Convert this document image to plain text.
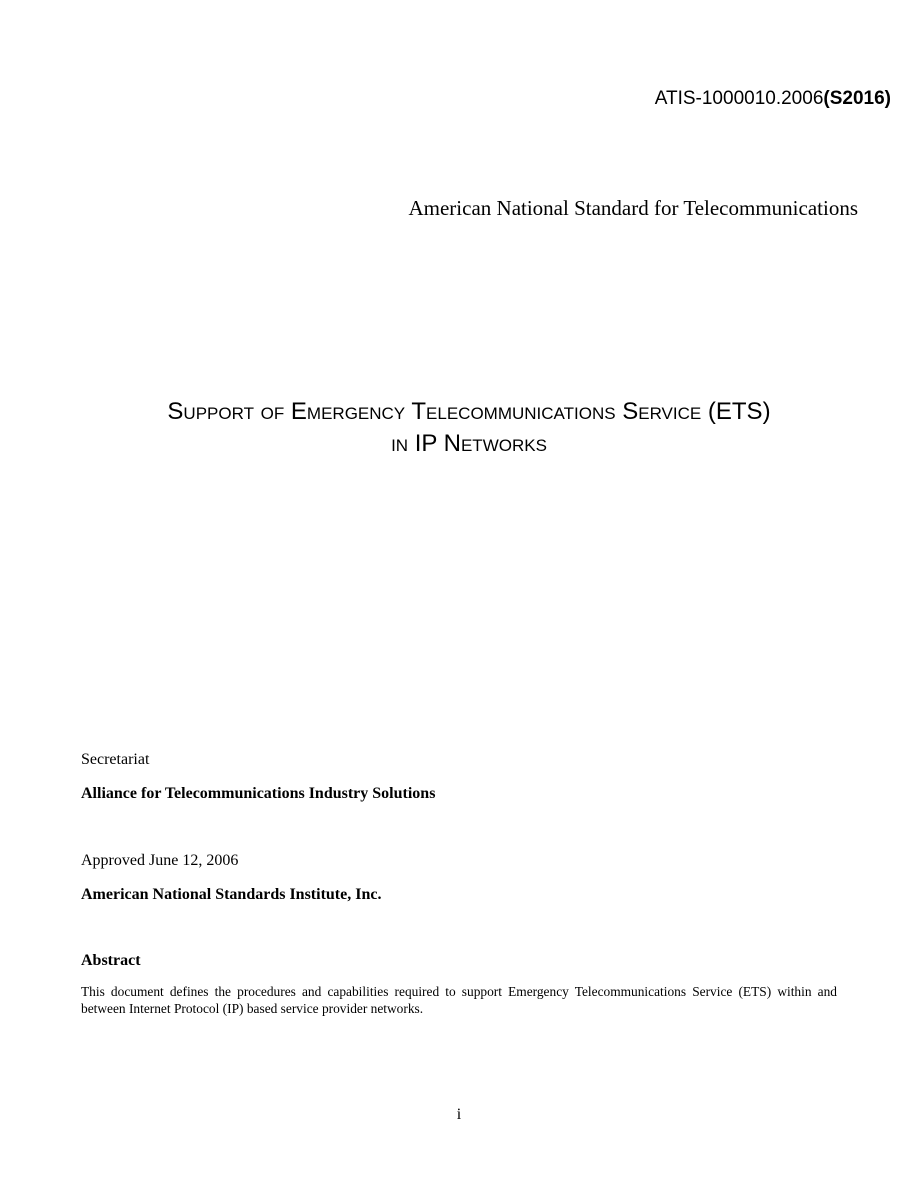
ATIS-1000010.2006(S2016)
American National Standard for Telecommunications
Support of Emergency Telecommunications Service (ETS)
in IP Networks
Secretariat
Alliance for Telecommunications Industry Solutions
Approved June 12, 2006
American National Standards Institute, Inc.
Abstract
This document defines the procedures and capabilities required to support Emergency Telecommunications Service (ETS) within and between Internet Protocol (IP) based service provider networks.
i
